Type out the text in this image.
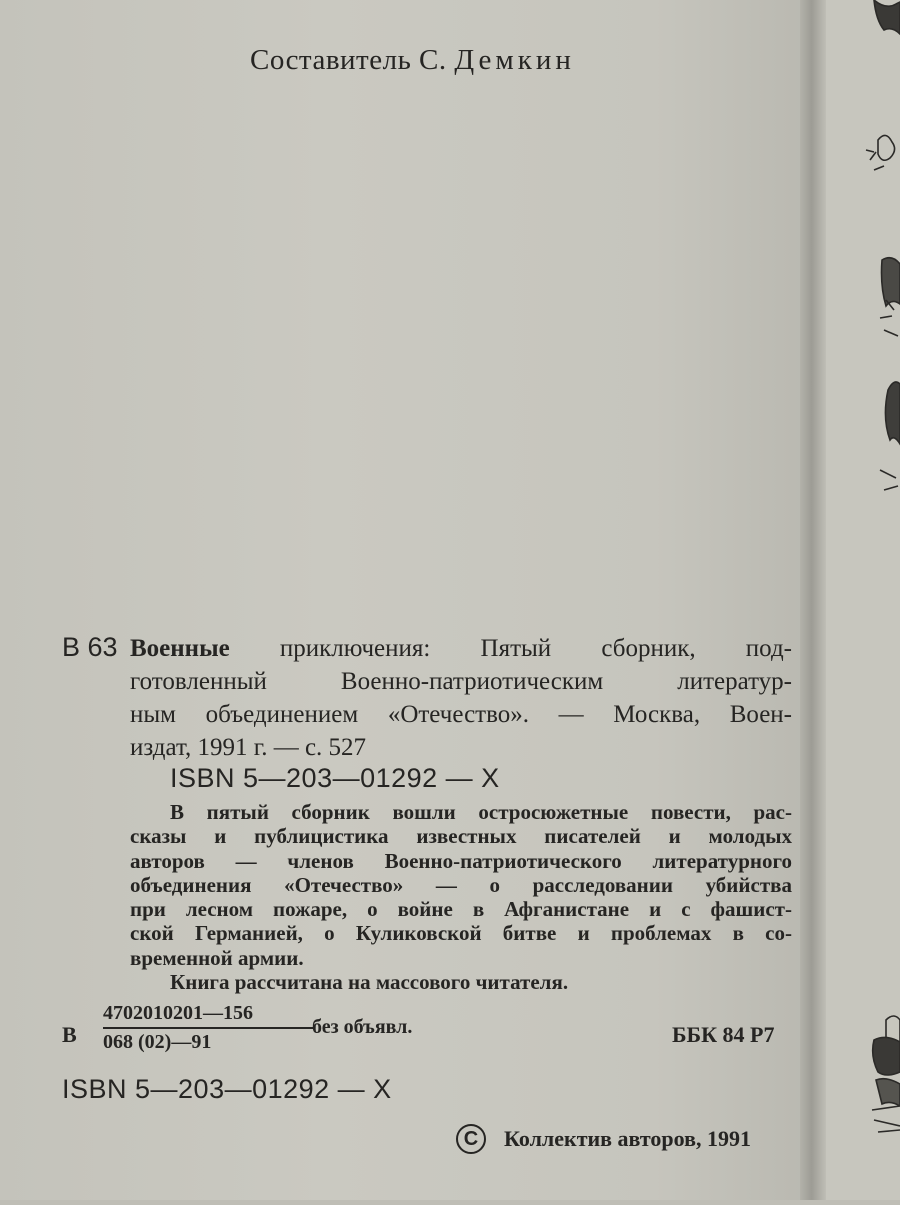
Составитель С. Демкин
В 63 Военные приключения: Пятый сборник, под-

готовленный Военно-патриотическим литератур-

ным объединением «Отечество». — Москва, Воен-

издат, 1991 г. — с. 527

ISBN 5—203—01292 — X

В пятый сборник вошли остросюжетные повести, рас-

сказы и публицистика известных писателей и молодых

авторов — членов Военно-патриотического литературного

объединения «Отечество» — о расследовании убийства

при лесном пожаре, о войне в Афганистане и с фашист-

ской Германией, о Куликовской битве и проблемах в со-

временной армии.

Книга рассчитана на массового читателя.

В $\frac{4702010201—156}{068 (02)—91}$ без объявл.	ББК 84 Р7
ISBN 5—203—01292 — X
C Коллектив авторов, 1991
